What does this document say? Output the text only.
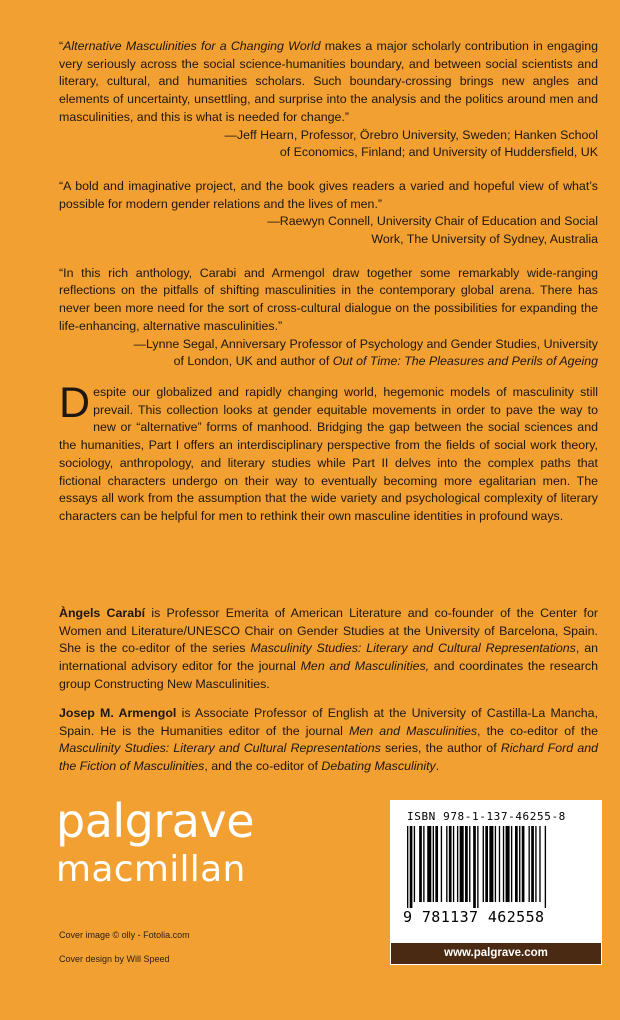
“Alternative Masculinities for a Changing World makes a major scholarly contribution in engaging very seriously across the social science-humanities boundary, and between social scientists and literary, cultural, and humanities scholars. Such boundary-crossing brings new angles and elements of uncertainty, unsettling, and surprise into the analysis and the politics around men and masculinities, and this is what is needed for change.”
—Jeff Hearn, Professor, Örebro University, Sweden; Hanken School
of Economics, Finland; and University of Huddersfield, UK
“A bold and imaginative project, and the book gives readers a varied and hopeful view of what’s possible for modern gender relations and the lives of men.”
—Raewyn Connell, University Chair of Education and Social
Work, The University of Sydney, Australia
“In this rich anthology, Carabi and Armengol draw together some remarkably wide-ranging reflections on the pitfalls of shifting masculinities in the contemporary global arena. There has never been more need for the sort of cross-cultural dialogue on the possibilities for expanding the life-enhancing, alternative masculinities.”
—Lynne Segal, Anniversary Professor of Psychology and Gender Studies, University
of London, UK and author of Out of Time: The Pleasures and Perils of Ageing
Despite our globalized and rapidly changing world, hegemonic models of masculinity still prevail. This collection looks at gender equitable movements in order to pave the way to new or “alternative” forms of manhood. Bridging the gap between the social sciences and the humanities, Part I offers an interdisciplinary perspective from the fields of social work theory, sociology, anthropology, and literary studies while Part II delves into the complex paths that fictional characters undergo on their way to eventually becoming more egalitarian men. The essays all work from the assumption that the wide variety and psychological complexity of literary characters can be helpful for men to rethink their own masculine identities in profound ways.
Àngels Carabí is Professor Emerita of American Literature and co-founder of the Center for Women and Literature/UNESCO Chair on Gender Studies at the University of Barcelona, Spain. She is the co-editor of the series Masculinity Studies: Literary and Cultural Representations, an international advisory editor for the journal Men and Masculinities, and coordinates the research group Constructing New Masculinities.
Josep M. Armengol is Associate Professor of English at the University of Castilla-La Mancha, Spain. He is the Humanities editor of the journal Men and Masculinities, the co-editor of the Masculinity Studies: Literary and Cultural Representations series, the author of Richard Ford and the Fiction of Masculinities, and the co-editor of Debating Masculinity.
palgrave
macmillan
Cover image © olly - Fotolia.com
Cover design by Will Speed
ISBN 978-1-137-46255-8
9 781137 462558
www.palgrave.com
